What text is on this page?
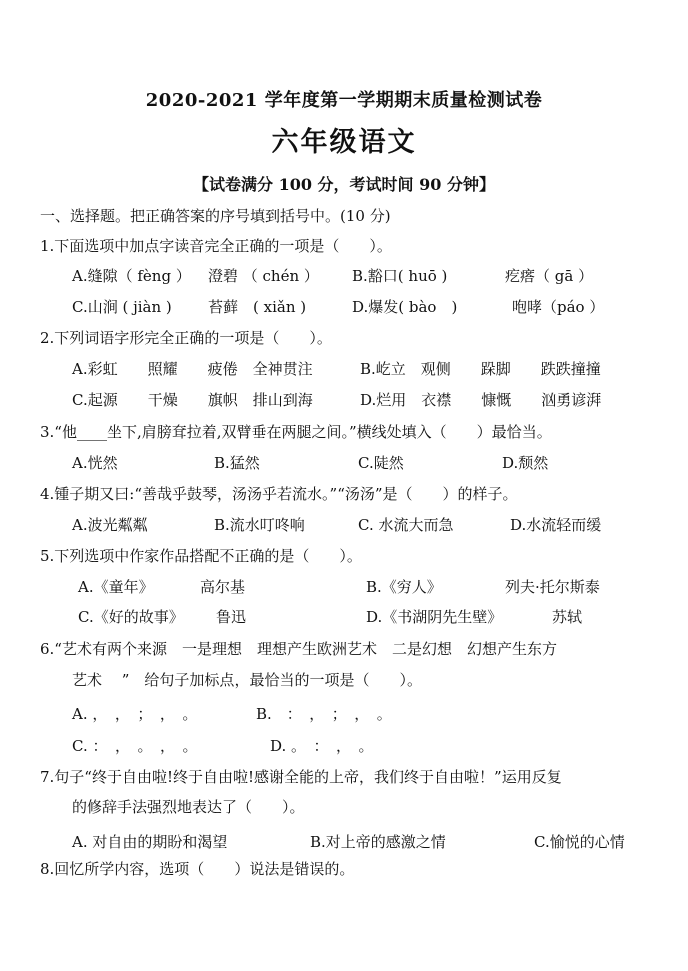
2020-2021 学年度第一学期期末质量检测试卷
六年级语文
【试卷满分 100 分，考试时间 90 分钟】
一、选择题。把正确答案的序号填到括号中。(10 分)
1.下面选项中加点字读音完全正确的一项是（　　）。
A.缝隙（ fèng ） 澄碧 （ chén ） B.豁口( huō )	疙瘩（ gā ）
C.山涧 ( jiàn ) 苔藓　( xiǎn )	D.爆发( bào　)	咆哮（páo ）
2.下列词语字形完全正确的一项是（　　）。
A.彩虹　　照耀　　疲倦　全神贯注	B.屹立　观侧　　跺脚　　跌跌撞撞
C.起源　　干燥　　旗帜　排山到海	D.烂用　衣襟　　慷慨　　汹勇谚湃
3.“他____坐下,肩膀耷拉着,双臂垂在两腿之间。”横线处填入（　　）最恰当。
A.恍然	B.猛然	C.陡然	D.颓然
4.锺子期又曰:“善哉乎鼓琴，汤汤乎若流水。”“汤汤”是（　　）的样子。
A.波光粼粼	B.流水叮咚响	C. 水流大而急	D.水流轻而缓
5.下列选项中作家作品搭配不正确的是（　　）。
A.《童年》	高尔基	B.《穷人》	列夫·托尔斯泰
C.《好的故事》 鲁迅	D.《书湖阴先生壁》	苏轼
6.“艺术有两个来源　一是理想　理想产生欧洲艺术　二是幻想　幻想产生东方
艺术　 ”　给句子加标点，最恰当的一项是（　　）。
A. ，　，　；　，　。	B.　：　，　；　，　。
C. ：　，　。　，　。	D. 。　：　，　。
7.句子“终于自由啦!终于自由啦!感谢全能的上帝，我们终于自由啦！”运用反复
的修辞手法强烈地表达了（　　）。
A. 对自由的期盼和渴望	B.对上帝的感激之情	C.愉悦的心情
8.回忆所学内容，选项（　　）说法是错误的。
